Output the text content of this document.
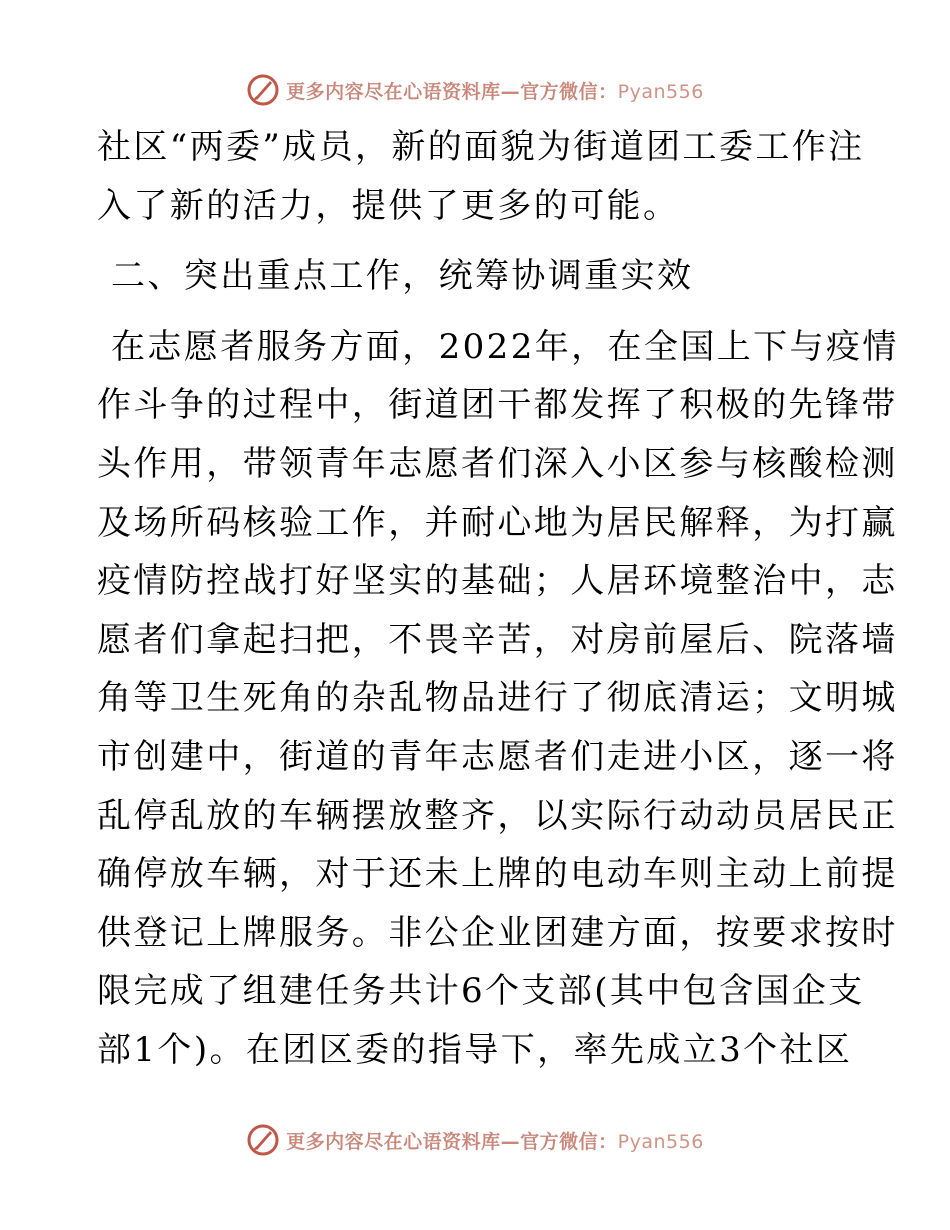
更多内容尽在心语资料库—官方微信：Pyan556
社区“两委”成员，新的面貌为街道团工委工作注
入了新的活力，提供了更多的可能。
二、突出重点工作，统筹协调重实效
在志愿者服务方面，2022年，在全国上下与疫情
作斗争的过程中，街道团干都发挥了积极的先锋带
头作用，带领青年志愿者们深入小区参与核酸检测
及场所码核验工作，并耐心地为居民解释，为打赢
疫情防控战打好坚实的基础；人居环境整治中，志
愿者们拿起扫把，不畏辛苦，对房前屋后、院落墙
角等卫生死角的杂乱物品进行了彻底清运；文明城
市创建中，街道的青年志愿者们走进小区，逐一将
乱停乱放的车辆摆放整齐，以实际行动动员居民正
确停放车辆，对于还未上牌的电动车则主动上前提
供登记上牌服务。非公企业团建方面，按要求按时
限完成了组建任务共计6个支部(其中包含国企支
部1个)。在团区委的指导下，率先成立3个社区
更多内容尽在心语资料库—官方微信：Pyan556
